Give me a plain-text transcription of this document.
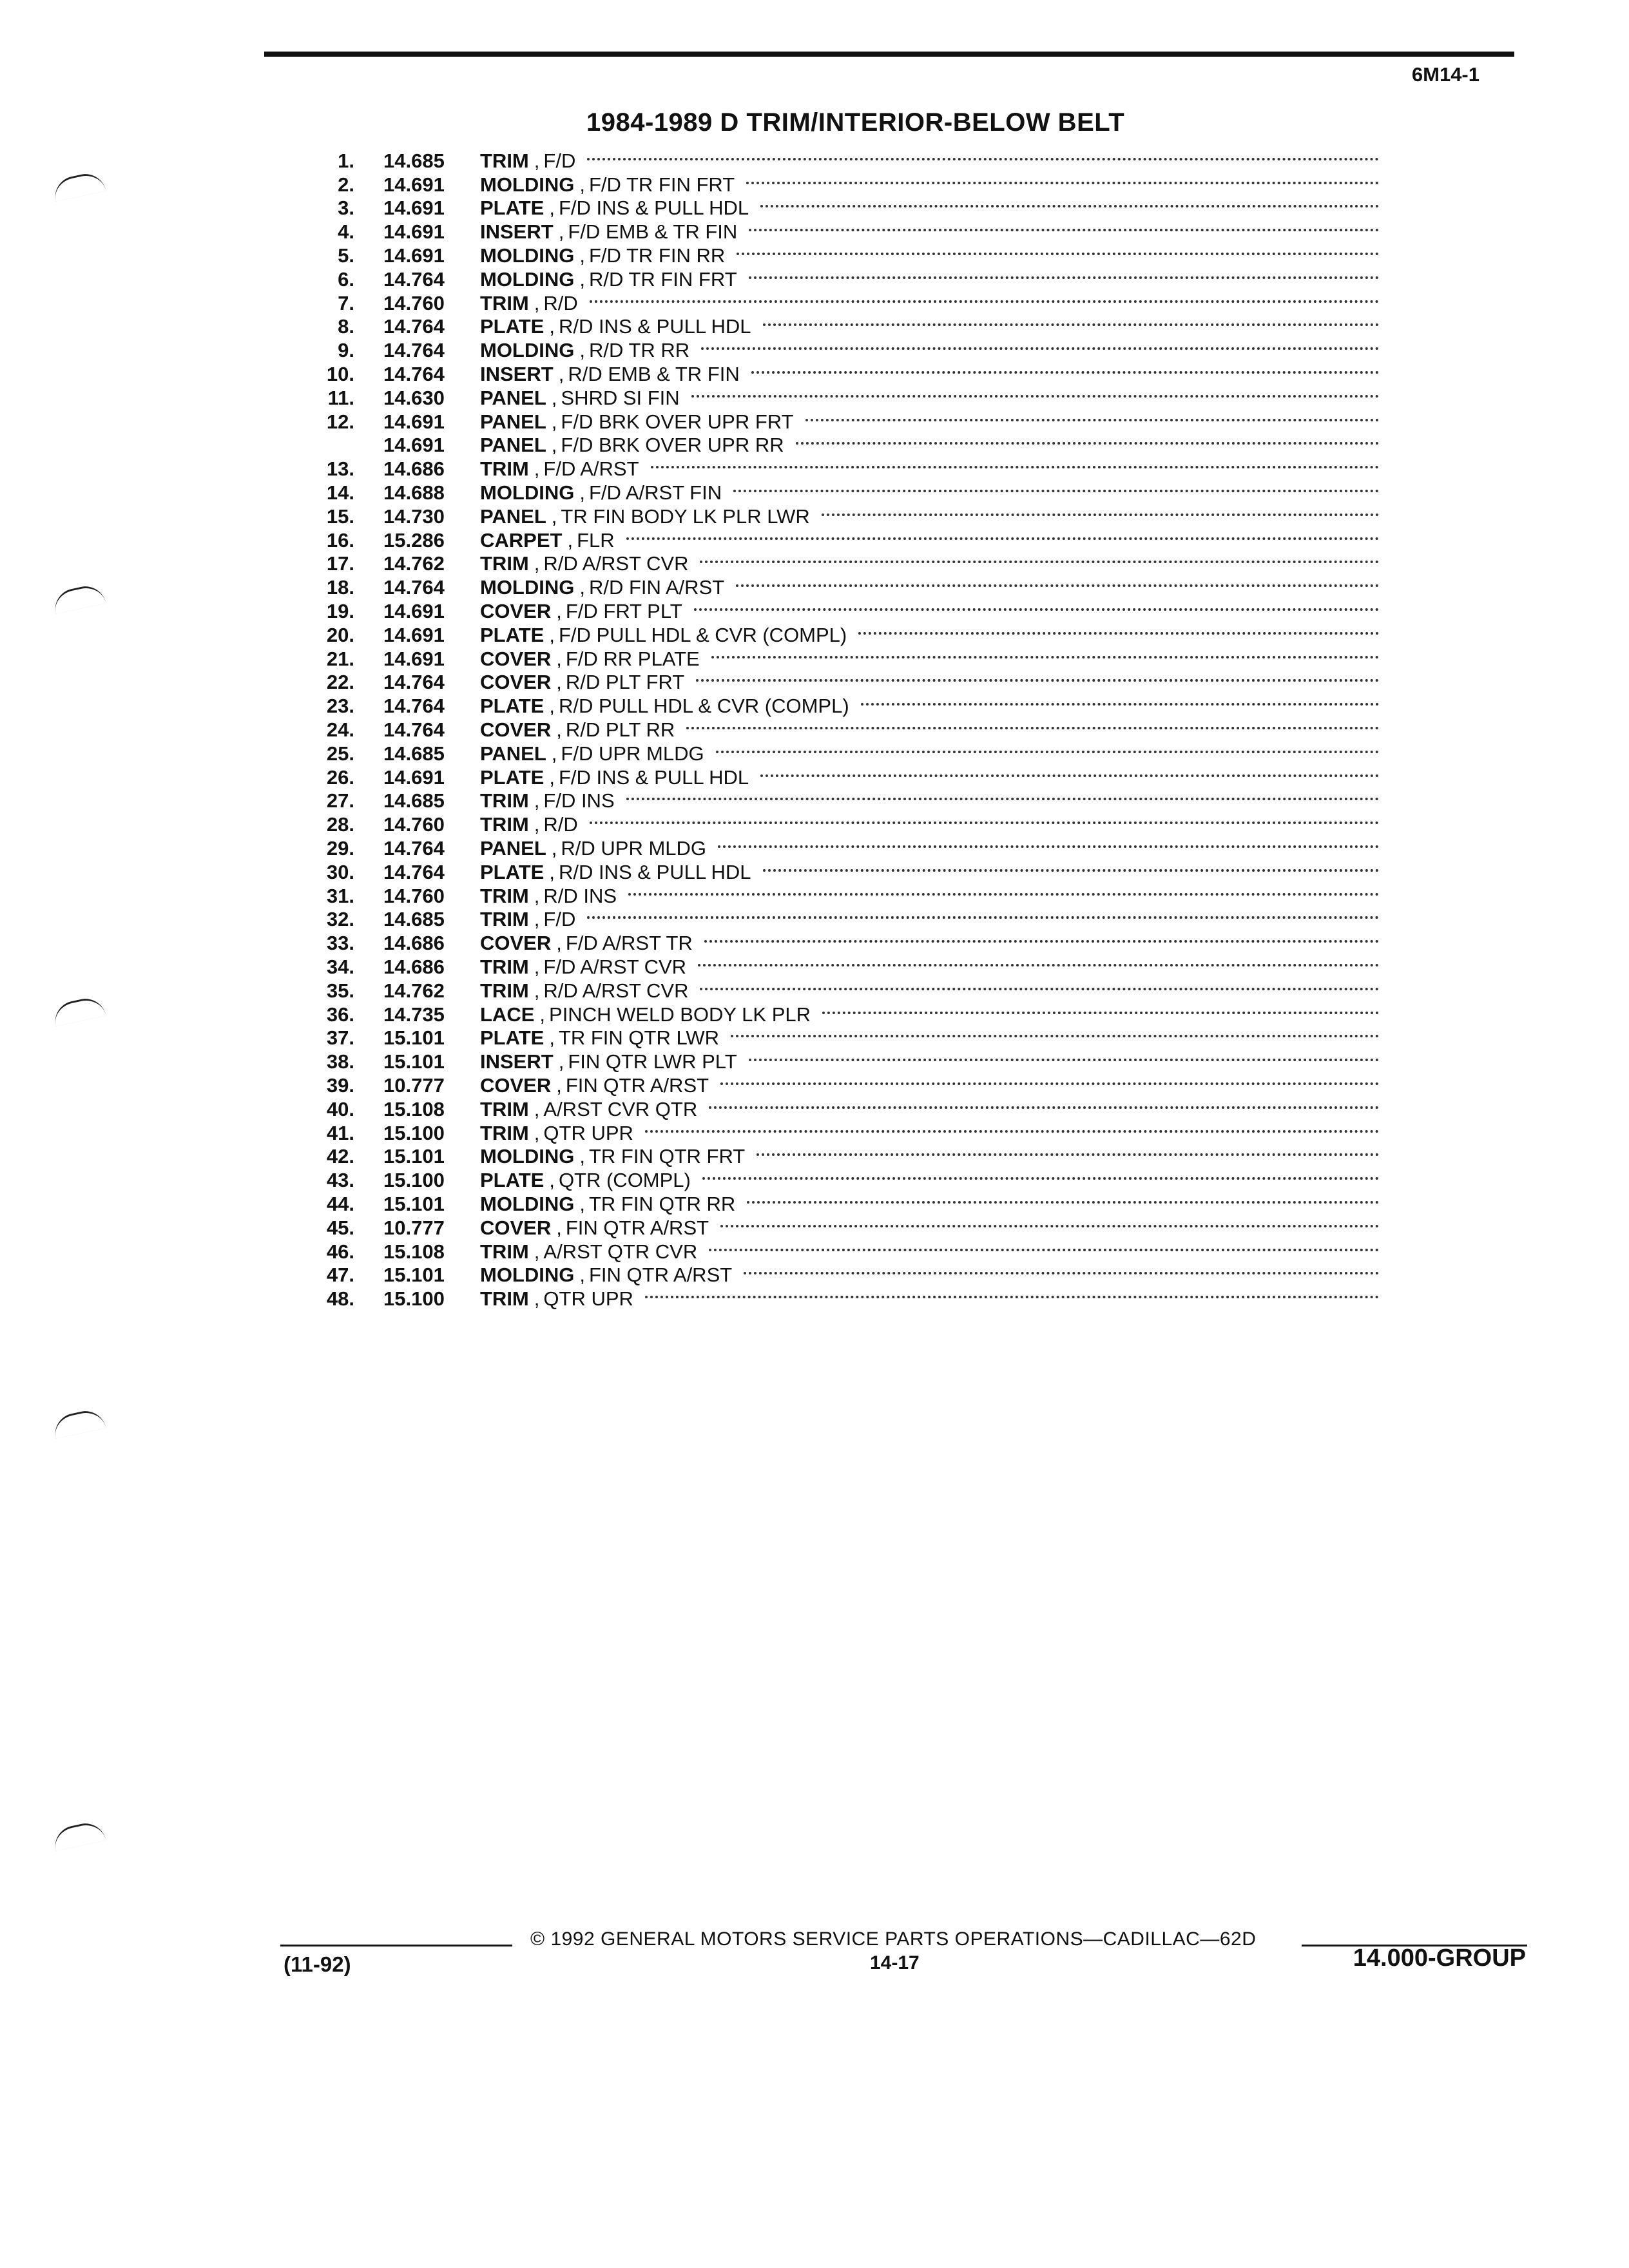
6M14-1
1984-1989 D TRIM/INTERIOR-BELOW BELT
1. 14.685	TRIM , F/D
2. 14.691	MOLDING , F/D TR FIN FRT
3. 14.691	PLATE , F/D INS & PULL HDL
4. 14.691	INSERT , F/D EMB & TR FIN
5. 14.691	MOLDING , F/D TR FIN RR
6. 14.764	MOLDING , R/D TR FIN FRT
7. 14.760	TRIM , R/D
8. 14.764	PLATE , R/D INS & PULL HDL
9. 14.764	MOLDING , R/D TR RR
10. 14.764	INSERT , R/D EMB & TR FIN
11. 14.630	PANEL , SHRD SI FIN
12. 14.691	PANEL , F/D BRK OVER UPR FRT
14.691	PANEL , F/D BRK OVER UPR RR
13. 14.686	TRIM , F/D A/RST
14. 14.688	MOLDING , F/D A/RST FIN
15. 14.730	PANEL , TR FIN BODY LK PLR LWR
16. 15.286	CARPET , FLR
17. 14.762	TRIM , R/D A/RST CVR
18. 14.764	MOLDING , R/D FIN A/RST
19. 14.691	COVER , F/D FRT PLT
20. 14.691	PLATE , F/D PULL HDL & CVR (COMPL)
21. 14.691	COVER , F/D RR PLATE
22. 14.764	COVER , R/D PLT FRT
23. 14.764	PLATE , R/D PULL HDL & CVR (COMPL)
24. 14.764	COVER , R/D PLT RR
25. 14.685	PANEL , F/D UPR MLDG
26. 14.691	PLATE , F/D INS & PULL HDL
27. 14.685	TRIM , F/D INS
28. 14.760	TRIM , R/D
29. 14.764	PANEL , R/D UPR MLDG
30. 14.764	PLATE , R/D INS & PULL HDL
31. 14.760	TRIM , R/D INS
32. 14.685	TRIM , F/D
33. 14.686	COVER , F/D A/RST TR
34. 14.686	TRIM , F/D A/RST CVR
35. 14.762	TRIM , R/D A/RST CVR
36. 14.735	LACE , PINCH WELD BODY LK PLR
37. 15.101	PLATE , TR FIN QTR LWR
38. 15.101	INSERT , FIN QTR LWR PLT
39. 10.777	COVER , FIN QTR A/RST
40. 15.108	TRIM , A/RST CVR QTR
41. 15.100	TRIM , QTR UPR
42. 15.101	MOLDING , TR FIN QTR FRT
43. 15.100	PLATE , QTR (COMPL)
44. 15.101	MOLDING , TR FIN QTR RR
45. 10.777	COVER , FIN QTR A/RST
46. 15.108	TRIM , A/RST QTR CVR
47. 15.101	MOLDING , FIN QTR A/RST
48. 15.100	TRIM , QTR UPR
© 1992 GENERAL MOTORS SERVICE PARTS OPERATIONS—CADILLAC—62D
(11-92)	14-17	14.000-GROUP
